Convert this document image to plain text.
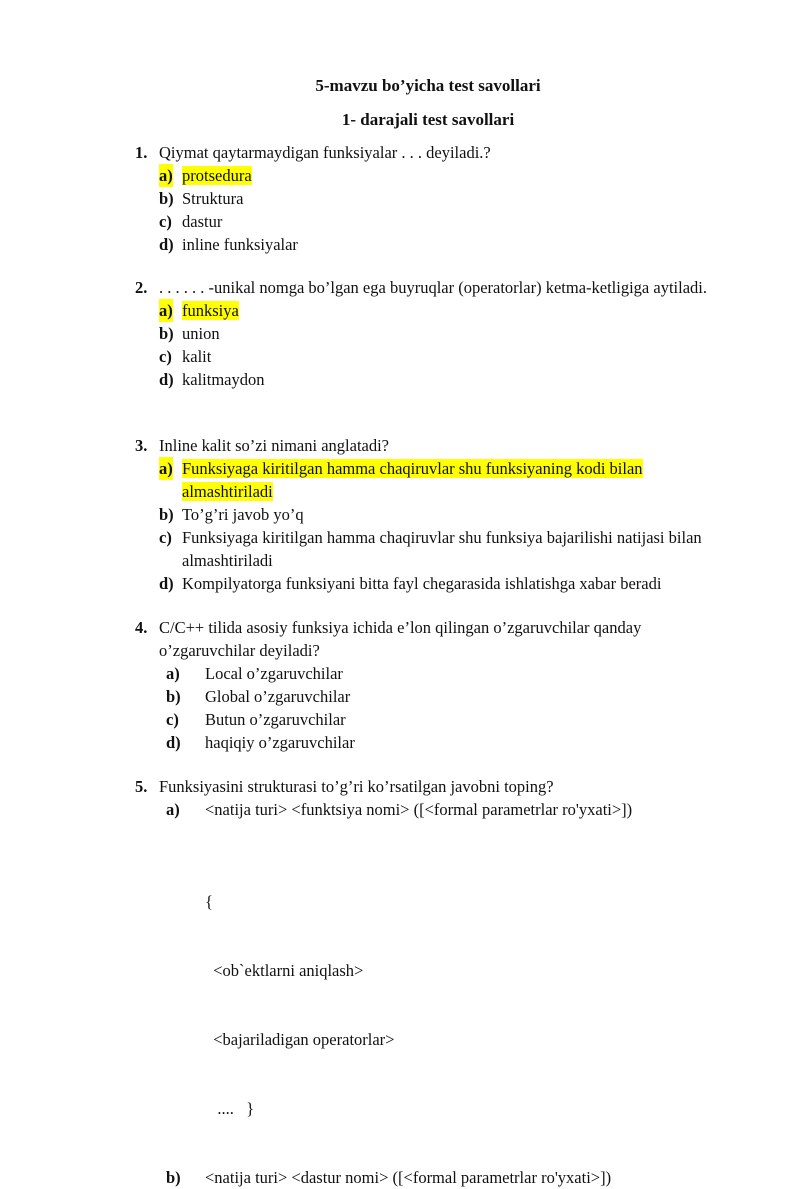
5-mavzu bo’yicha test savollari
1- darajali test savollari
1. Qiymat qaytarmaydigan funksiyalar . . . deyiladi.?
a) protsedura
b) Struktura
c) dastur
d) inline funksiyalar
2. . . . . . . -unikal nomga bo’lgan ega buyruqlar (operatorlar) ketma-ketligiga aytiladi.
a) funksiya
b) union
c) kalit
d) kalitmaydon
3. Inline kalit so’zi nimani anglatadi?
a) Funksiyaga kiritilgan hamma chaqiruvlar shu funksiyaning kodi bilan almashtiriladi
b) To’g’ri javob yo’q
c) Funksiyaga kiritilgan hamma chaqiruvlar shu funksiya bajarilishi natijasi bilan almashtiriladi
d) Kompilyatorga funksiyani bitta fayl chegarasida ishlatishga xabar beradi
4. C/C++ tilida asosiy funksiya ichida e’lon qilingan o’zgaruvchilar qanday o’zgaruvchilar deyiladi?
a) Local o’zgaruvchilar
b) Global o’zgaruvchilar
c) Butun o’zgaruvchilar
d) haqiqiy o’zgaruvchilar
5. Funksiyasini strukturasi to’g’ri ko’rsatilgan javobni toping?
a) <natija turi> <funktsiya nomi> ([<formal parametrlar ro'yxati>])

{

<ob`ektlarni aniqlash>

<bajariladigan operatorlar>

....   }

b) <natija turi> <dastur nomi> ([<formal parametrlar ro'yxati>])
